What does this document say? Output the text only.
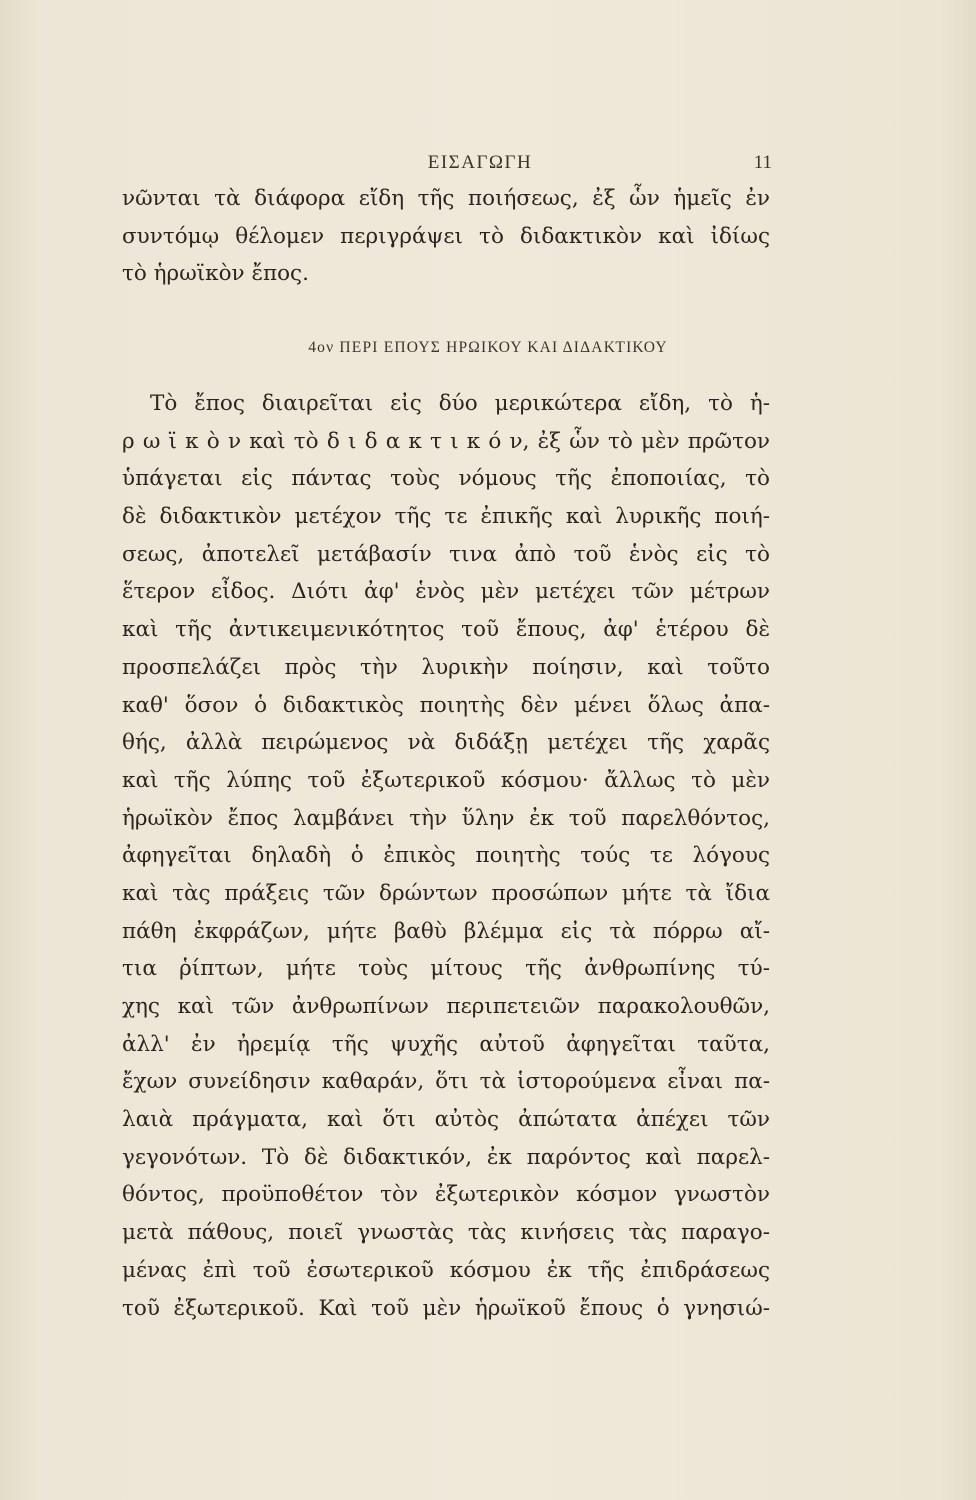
ΕΙΣΑΓΩΓΗ	11
νῶνται τὰ διάφορα εἴδη τῆς ποιήσεως, ἐξ ὧν ἡμεῖς ἐν
συντόμῳ θέλομεν περιγράψει τὸ διδακτικὸν καὶ ἰδίως
τὸ ἡρωϊκὸν ἔπος.
4ον ΠΕΡΙ ΕΠΟΥΣ ΗΡΩΙΚΟΥ ΚΑΙ ΔΙΔΑΚΤΙΚΟΥ
Τὸ ἔπος διαιρεῖται εἰς δύο μερικώτερα εἴδη, τὸ ἡ-
ρ ω ϊ κ ὸ ν καὶ τὸ δ ι δ α κ τ ι κ ό ν, ἐξ ὧν τὸ μὲν πρῶτον
ὑπάγεται εἰς πάντας τοὺς νόμους τῆς ἐποποιίας, τὸ
δὲ διδακτικὸν μετέχον τῆς τε ἐπικῆς καὶ λυρικῆς ποιή-
σεως, ἀποτελεῖ μετάβασίν τινα ἀπὸ τοῦ ἑνὸς εἰς τὸ
ἕτερον εἶδος. Διότι ἀφ' ἑνὸς μὲν μετέχει τῶν μέτρων
καὶ τῆς ἀντικειμενικότητος τοῦ ἔπους, ἀφ' ἑτέρου δὲ
προσπελάζει πρὸς τὴν λυρικὴν ποίησιν, καὶ τοῦτο
καθ' ὅσον ὁ διδακτικὸς ποιητὴς δὲν μένει ὅλως ἀπα-
θής, ἀλλὰ πειρώμενος νὰ διδάξῃ μετέχει τῆς χαρᾶς
καὶ τῆς λύπης τοῦ ἐξωτερικοῦ κόσμου· ἄλλως τὸ μὲν
ἡρωϊκὸν ἔπος λαμβάνει τὴν ὕλην ἐκ τοῦ παρελθόντος,
ἀφηγεῖται δηλαδὴ ὁ ἐπικὸς ποιητὴς τούς τε λόγους
καὶ τὰς πράξεις τῶν δρώντων προσώπων μήτε τὰ ἴδια
πάθη ἐκφράζων, μήτε βαθὺ βλέμμα εἰς τὰ πόρρω αἴ-
τια ῥίπτων, μήτε τοὺς μίτους τῆς ἀνθρωπίνης τύ-
χης καὶ τῶν ἀνθρωπίνων περιπετειῶν παρακολουθῶν,
ἀλλ' ἐν ἠρεμίᾳ τῆς ψυχῆς αὐτοῦ ἀφηγεῖται ταῦτα,
ἔχων συνείδησιν καθαράν, ὅτι τὰ ἱστορούμενα εἶναι πα-
λαιὰ πράγματα, καὶ ὅτι αὐτὸς ἀπώτατα ἀπέχει τῶν
γεγονότων. Τὸ δὲ διδακτικόν, ἐκ παρόντος καὶ παρελ-
θόντος, προϋποθέτον τὸν ἐξωτερικὸν κόσμον γνωστὸν
μετὰ πάθους, ποιεῖ γνωστὰς τὰς κινήσεις τὰς παραγο-
μένας ἐπὶ τοῦ ἐσωτερικοῦ κόσμου ἐκ τῆς ἐπιδράσεως
τοῦ ἐξωτερικοῦ. Καὶ τοῦ μὲν ἡρωϊκοῦ ἔπους ὁ γνησιώ-
